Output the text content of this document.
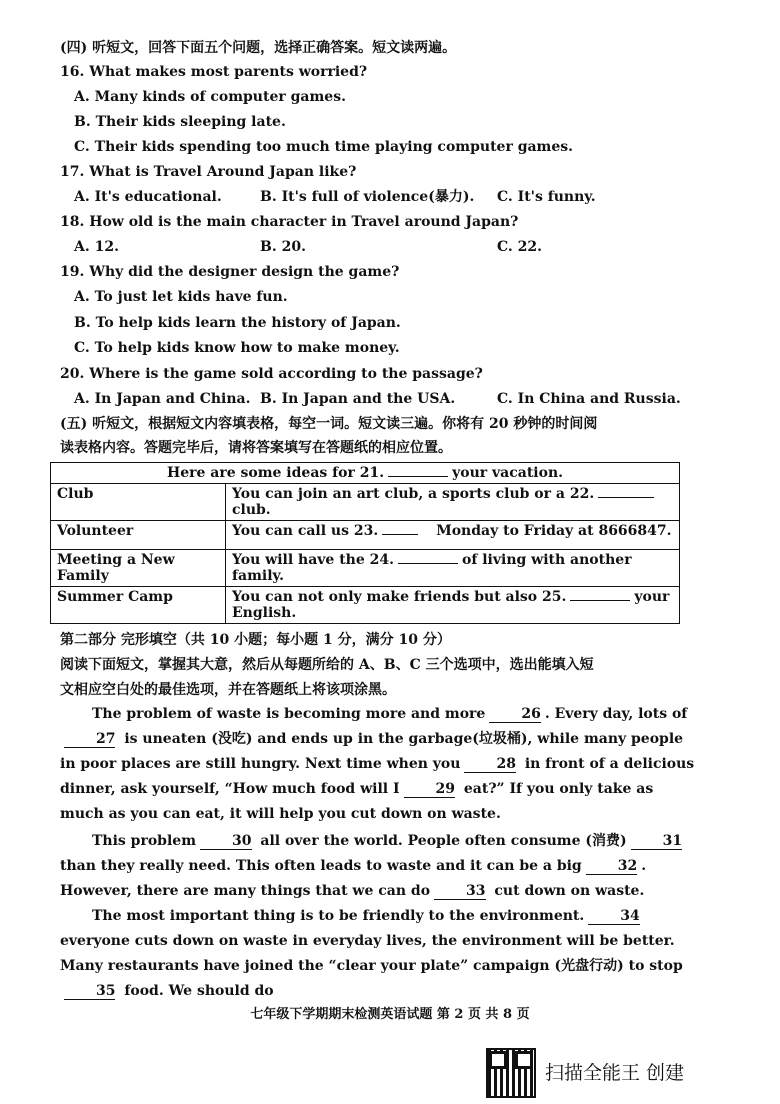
(四) 听短文，回答下面五个问题，选择正确答案。短文读两遍。
16. What makes most parents worried?
A. Many kinds of computer games.
B. Their kids sleeping late.
C. Their kids spending too much time playing computer games.
17. What is Travel Around Japan like?
A. It's educational.	B. It's full of violence(暴力). C. It's funny.
18. How old is the main character in Travel around Japan?
A. 12.	B. 20.	C. 22.
19. Why did the designer design the game?
A. To just let kids have fun.
B. To help kids learn the history of Japan.
C. To help kids know how to make money.
20. Where is the game sold according to the passage?
A. In Japan and China. B. In Japan and the USA.	C. In China and Russia.
(五) 听短文，根据短文内容填表格，每空一词。短文读三遍。你将有 20 秒钟的时间阅
读表格内容。答题完毕后，请将答案填写在答题纸的相应位置。
Here are some ideas for 21. your vacation.	
Club	You can join an art club, a sports club or a 22.club.
Volunteer	You can call us 23. Monday to Friday at 8666847.
Meeting a New Family	You will have the 24. of living with another family.
Summer Camp	You can not only make friends but also 25. your English.
第二部分 完形填空（共 10 小题；每小题 1 分，满分 10 分）
阅读下面短文，掌握其大意，然后从每题所给的 A、B、C 三个选项中，选出能填入短
文相应空白处的最佳选项，并在答题纸上将该项涂黑。
The problem of waste is becoming more and more	26 . Every day, lots of27 is uneaten (没吃) and ends up in the garbage(垃圾桶), while many people in poor places are still hungry. Next time when you	28 in front of a delicious dinner, ask yourself, “How much food will I	29 eat?” If you only take as much as you can eat, it will help you cut down on waste.
This problem	30 all over the world. People often consume (消费)	31 than they really need. This often leads to waste and it can be a big	32 . However, there are many things that we can do	33 cut down on waste.
The most important thing is to be friendly to the environment.	34 everyone cuts down on waste in everyday lives, the environment will be better. Many restaurants have joined the “clear your plate” campaign (光盘行动) to stop35 food. We should do
七年级下学期期末检测英语试题 第 2 页 共 8 页
扫描全能王 创建
